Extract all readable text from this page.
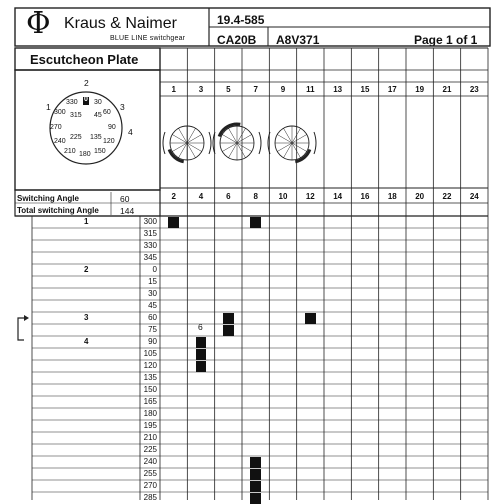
Φ Kraus & Naimer
BLUE LINE switchgear
19.4-585
CA20B A8V371	Page 1 of 1
Escutcheon Plate
1
2
3
4
330 0 30
300 315 45 60
270	90
240
225 135
120
210 180 150
1	3	5	7	9	11	13	15	17	19	21	23
2	4	6	8	10	12	14	16	18	20	22	24
Switching Angle	60
Total switching Angle 144
1	300
315
330
345
2	0
15
30
45
3	60
75
4	90
105
120
135
150
165
180
195
210
225
240
255
270
285
6
